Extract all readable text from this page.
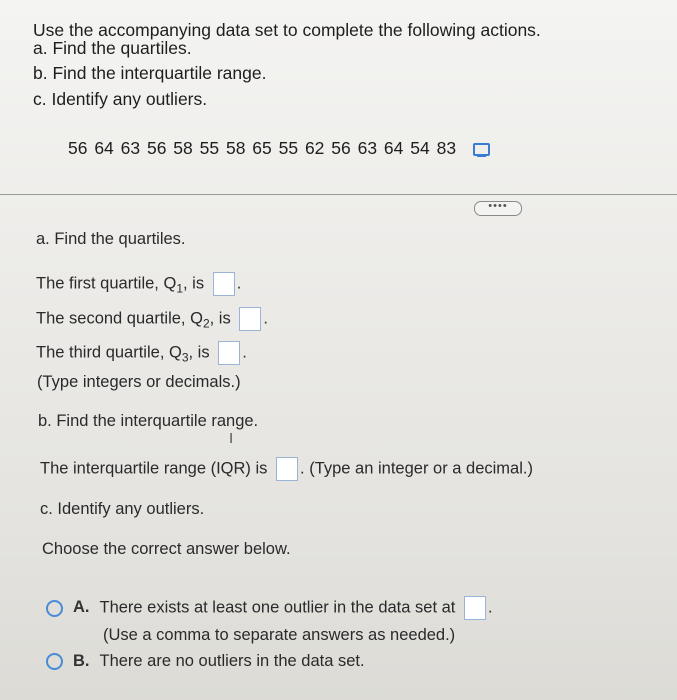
Use the accompanying data set to complete the following actions.
a. Find the quartiles.
b. Find the interquartile range.
c. Identify any outliers.
56 64 63 56 58 55 58 65 55 62 56 63 64 54 83
••••
a. Find the quartiles.
The first quartile, $Q_1$, is .
The second quartile, $Q_2$, is .
The third quartile, $Q_3$, is .
(Type integers or decimals.)
b. Find the interquartile range.
I
The interquartile range (IQR) is . (Type an integer or a decimal.)
c. Identify any outliers.
Choose the correct answer below.
A. There exists at least one outlier in the data set at .
(Use a comma to separate answers as needed.)
B. There are no outliers in the data set.
